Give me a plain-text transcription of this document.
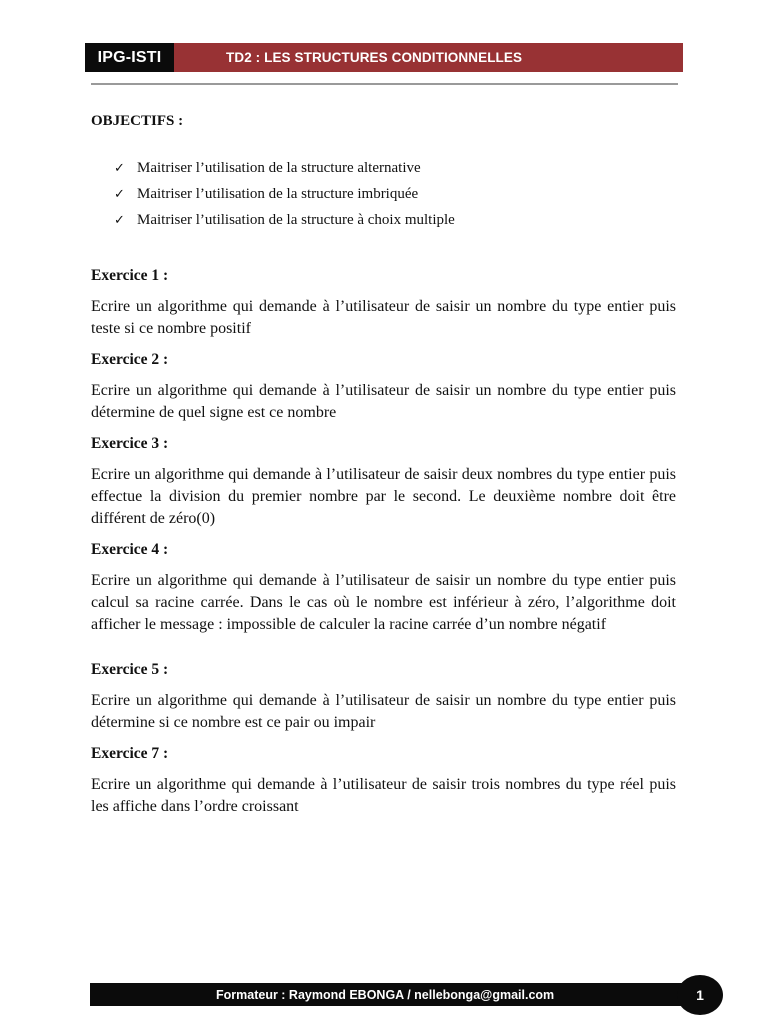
IPG-ISTI	TD2 : LES STRUCTURES CONDITIONNELLES
OBJECTIFS :
✓ Maitriser l’utilisation de la structure alternative
✓ Maitriser l’utilisation de la structure imbriquée
✓ Maitriser l’utilisation de la structure à choix multiple
Exercice 1 :
Ecrire un algorithme qui demande à l’utilisateur de saisir un nombre du type entier puis teste si ce nombre positif
Exercice 2 :
Ecrire un algorithme qui demande à l’utilisateur de saisir un nombre du type entier puis détermine de quel signe est ce nombre
Exercice 3 :
Ecrire un algorithme qui demande à l’utilisateur de saisir deux nombres du type entier puis effectue la division du premier nombre par le second. Le deuxième nombre doit être différent de zéro(0)
Exercice 4 :
Ecrire un algorithme qui demande à l’utilisateur de saisir un nombre du type entier puis calcul sa racine carrée. Dans le cas où le nombre est inférieur à zéro, l’algorithme doit afficher le message : impossible de calculer la racine carrée d’un nombre négatif
Exercice 5 :
Ecrire un algorithme qui demande à l’utilisateur de saisir un nombre du type entier puis détermine si ce nombre est ce pair ou impair
Exercice 7 :
Ecrire un algorithme qui demande à l’utilisateur de saisir trois nombres du type réel puis les affiche dans l’ordre croissant
Formateur : Raymond EBONGA / nellebonga@gmail.com	1
